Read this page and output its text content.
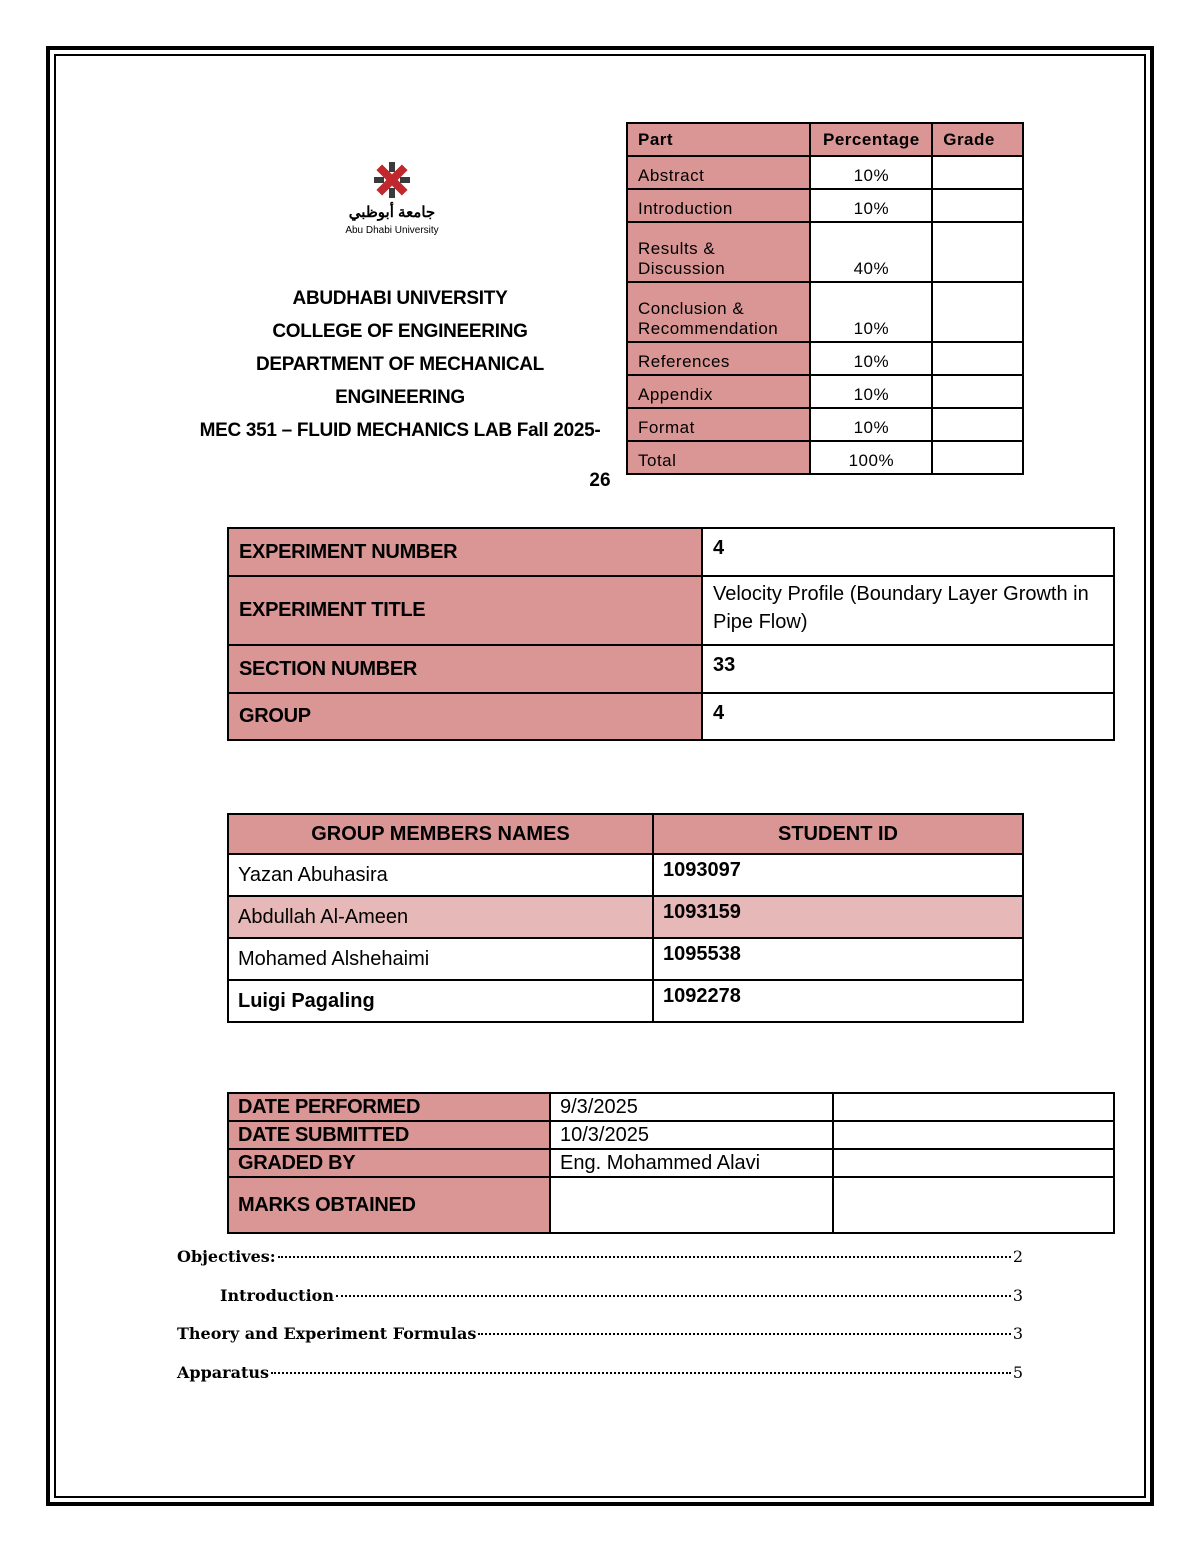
جامعة أبوظبي
Abu Dhabi University
ABUDHABI UNIVERSITY
COLLEGE OF ENGINEERING
DEPARTMENT OF MECHANICAL
ENGINEERING
MEC 351 – FLUID MECHANICS LAB Fall 2025-
26
Part	Percentage	Grade
Abstract	10%	
Introduction	10%	
Results & Discussion	40%	
Conclusion & Recommendation	10%	
References	10%	
Appendix	10%	
Format	10%	
Total	100%	
EXPERIMENT NUMBER	4
EXPERIMENT TITLE	Velocity Profile (Boundary Layer Growth in Pipe Flow)
SECTION NUMBER	33
GROUP	4
GROUP MEMBERS NAMES	STUDENT ID
Yazan Abuhasira	1093097
Abdullah Al-Ameen	1093159
Mohamed Alshehaimi	1095538
Luigi Pagaling	1092278
DATE PERFORMED	9/3/2025	
DATE SUBMITTED	10/3/2025	
GRADED BY	Eng. Mohammed Alavi	
MARKS OBTAINED		
Objectives:	2
Introduction	3
Theory and Experiment Formulas	3
Apparatus	5
